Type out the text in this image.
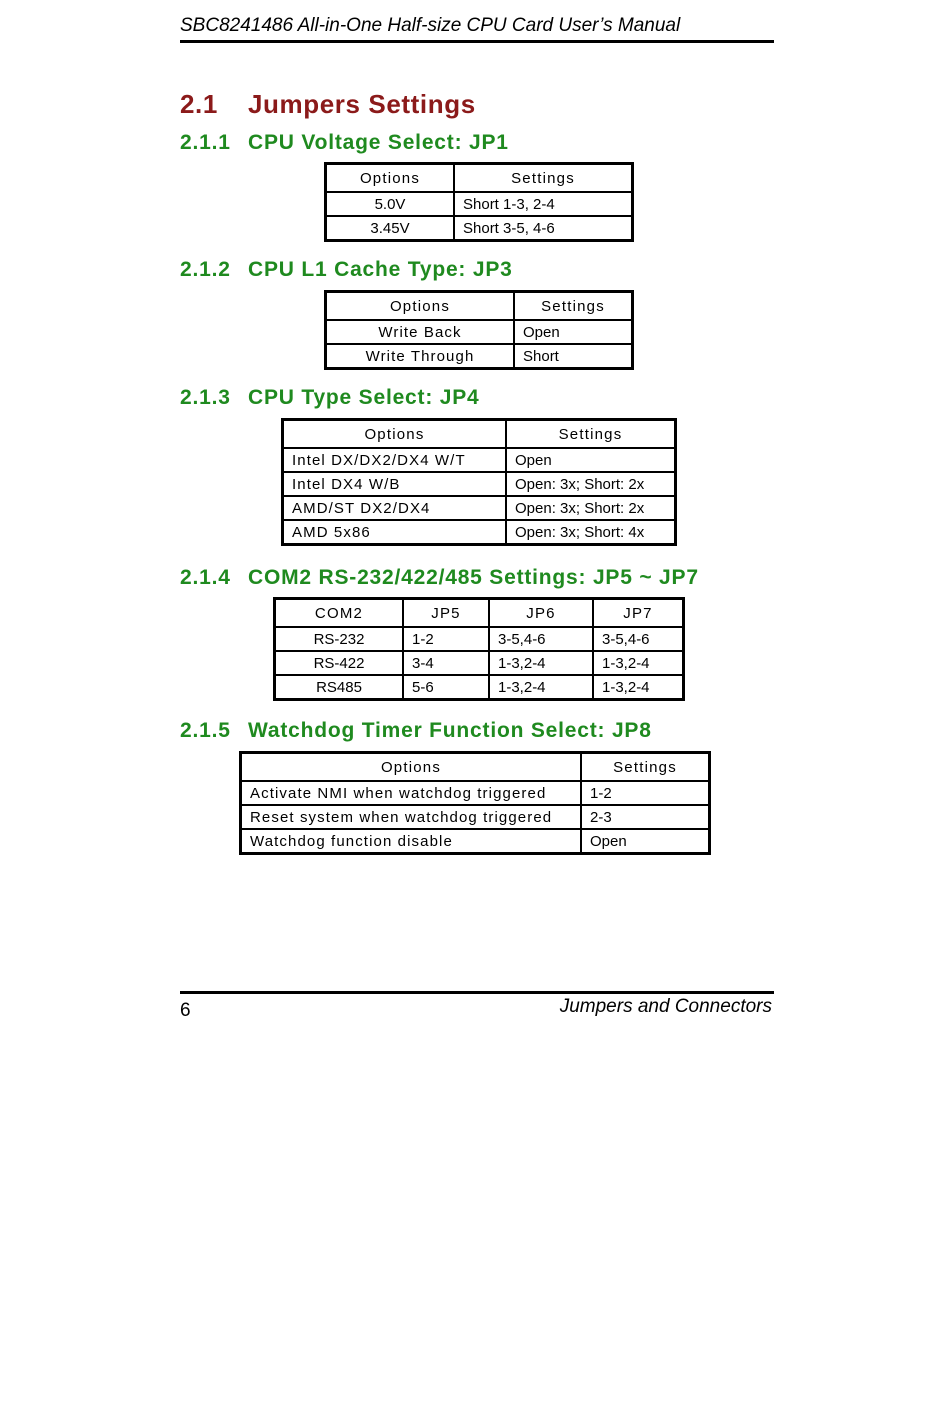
SBC8241486 All-in-One Half-size CPU Card User’s Manual
2.1 Jumpers Settings
2.1.1 CPU Voltage Select: JP1
Options	Settings
5.0V	Short 1-3, 2-4
3.45V	Short 3-5, 4-6
2.1.2 CPU L1 Cache Type: JP3
Options	Settings
Write Back	Open
Write Through	Short
2.1.3 CPU Type Select: JP4
Options	Settings
Intel DX/DX2/DX4 W/T	Open
Intel DX4 W/B	Open: 3x; Short: 2x
AMD/ST DX2/DX4	Open: 3x; Short: 2x
AMD 5x86	Open: 3x; Short: 4x
2.1.4 COM2 RS-232/422/485 Settings: JP5 ~ JP7
COM2	JP5	JP6	JP7
RS-232	1-2	3-5,4-6	3-5,4-6
RS-422	3-4	1-3,2-4	1-3,2-4
RS485	5-6	1-3,2-4	1-3,2-4
2.1.5 Watchdog Timer Function Select: JP8
Options	Settings
Activate NMI when watchdog triggered	1-2
Reset system when watchdog triggered	2-3
Watchdog function disable	Open
6	Jumpers and Connectors
